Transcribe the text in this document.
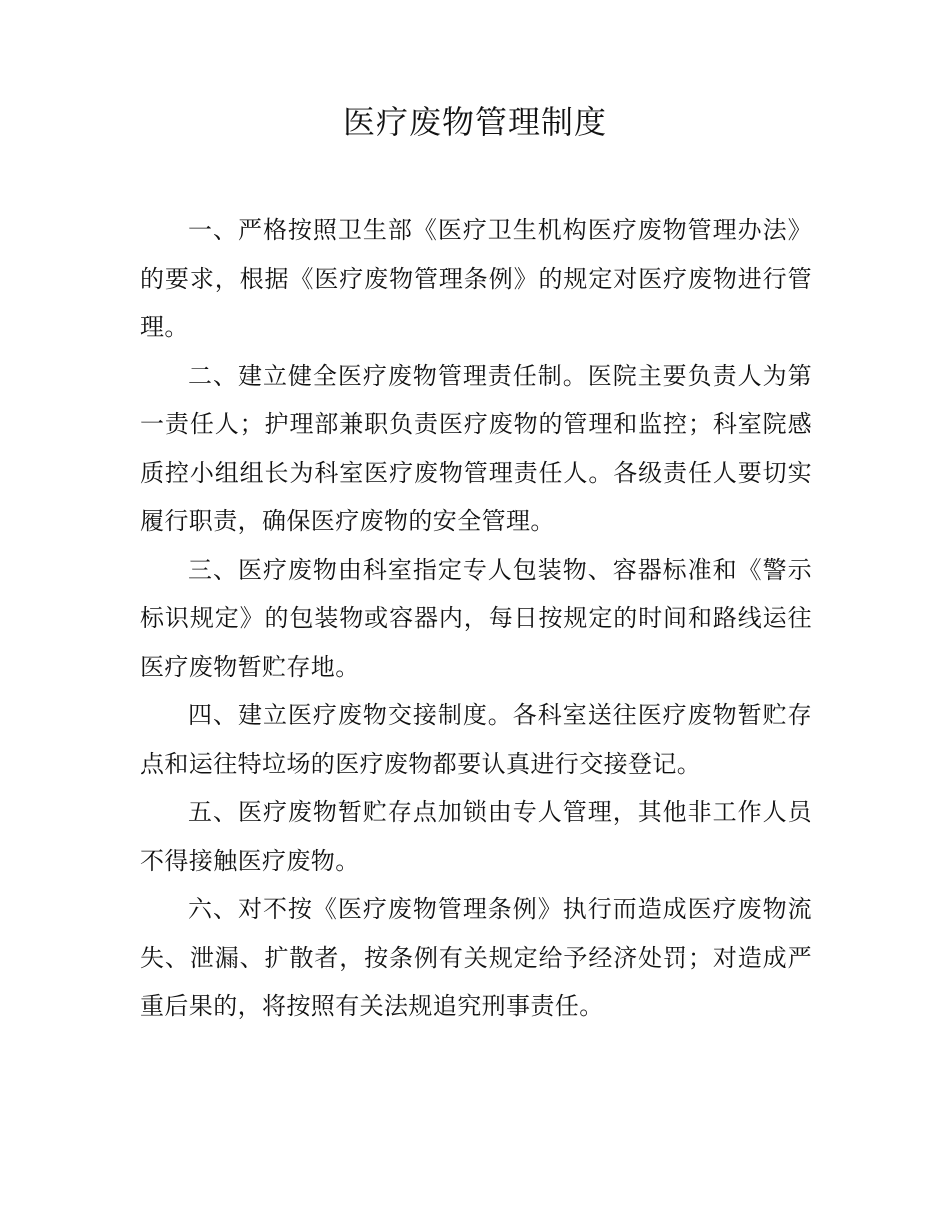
医疗废物管理制度

一、严格按照卫生部《医疗卫生机构医疗废物管理办法》的要求，根据《医疗废物管理条例》的规定对医疗废物进行管理。

二、建立健全医疗废物管理责任制。医院主要负责人为第一责任人；护理部兼职负责医疗废物的管理和监控；科室院感质控小组组长为科室医疗废物管理责任人。各级责任人要切实履行职责，确保医疗废物的安全管理。

三、医疗废物由科室指定专人包装物、容器标准和《警示标识规定》的包装物或容器内，每日按规定的时间和路线运往医疗废物暂贮存地。

四、建立医疗废物交接制度。各科室送往医疗废物暂贮存点和运往特垃场的医疗废物都要认真进行交接登记。

五、医疗废物暂贮存点加锁由专人管理，其他非工作人员不得接触医疗废物。

六、对不按《医疗废物管理条例》执行而造成医疗废物流失、泄漏、扩散者，按条例有关规定给予经济处罚；对造成严重后果的，将按照有关法规追究刑事责任。
